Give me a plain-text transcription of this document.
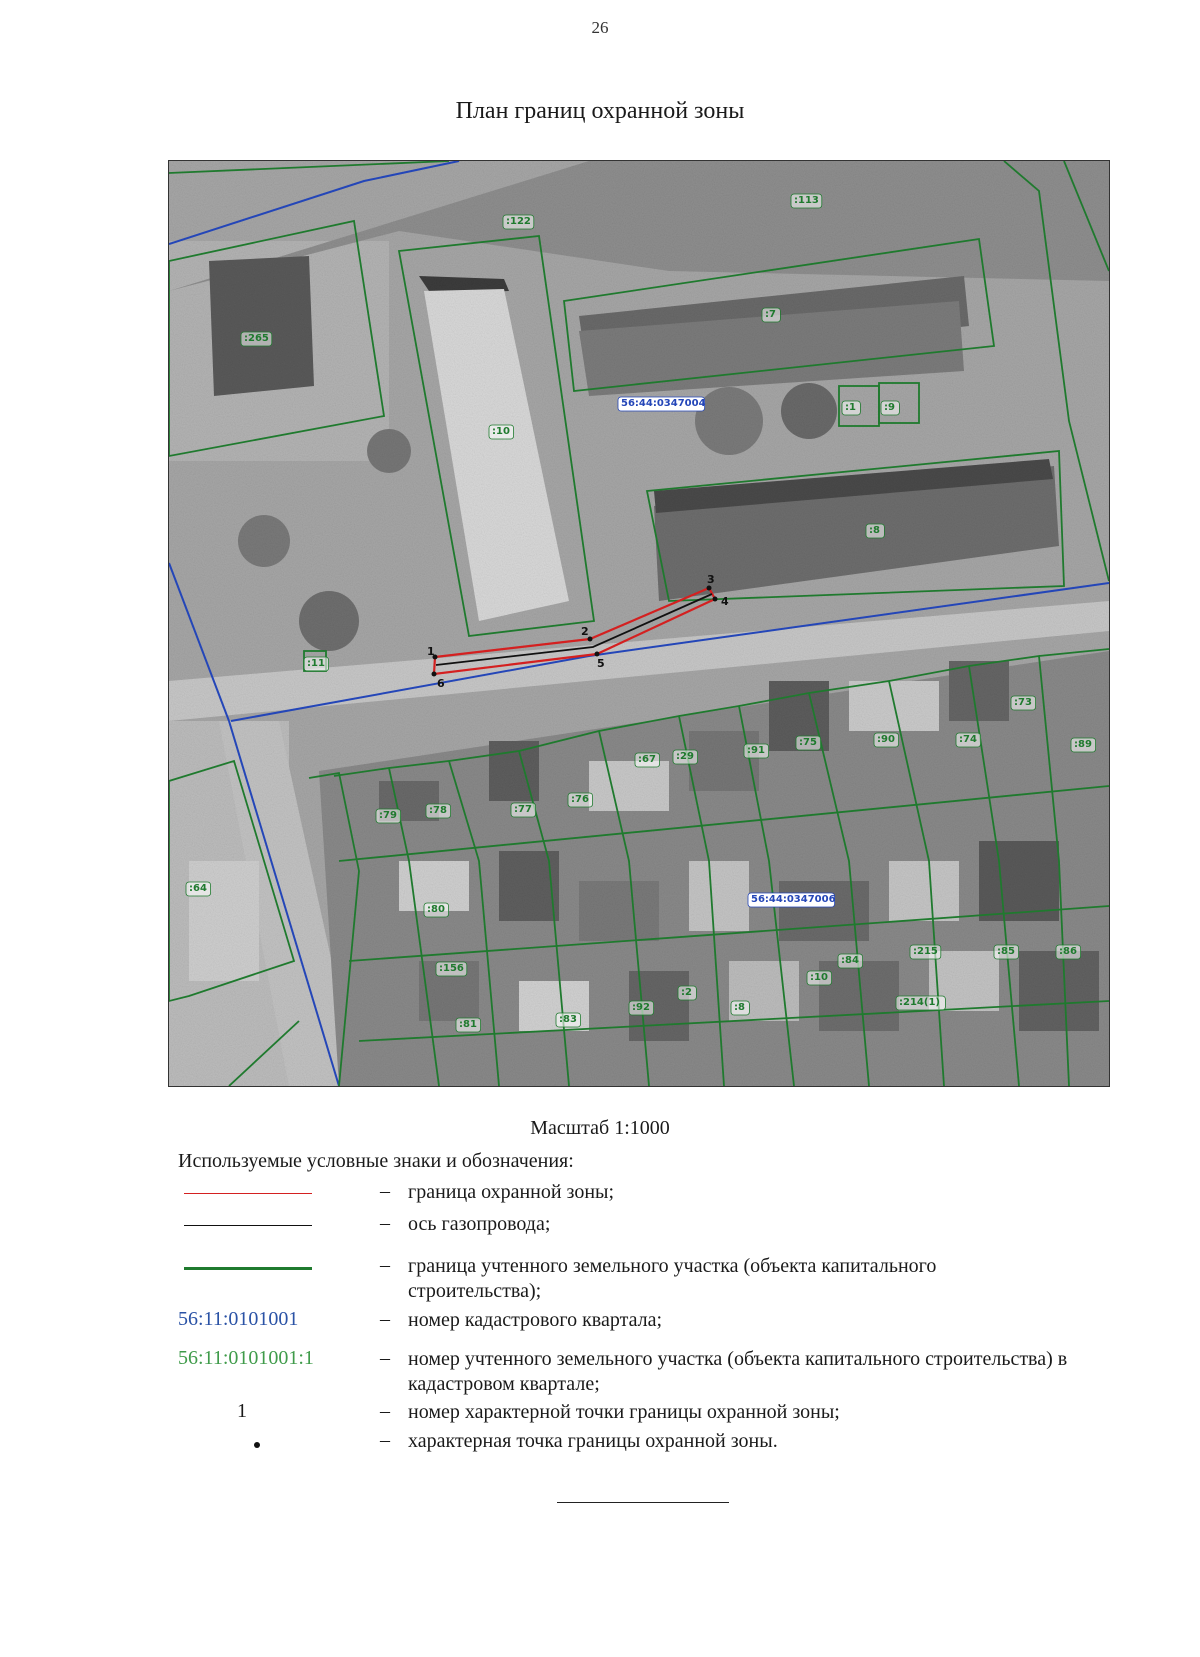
26
План границ охранной зоны
1
2
3
4
5
6
:122
:113
:265
:7
:1	:9
:10
:8
:11
:73
:89
:74
:90
:75
:91
:29
:67
:76
:77
:78
:79
:64
:80
:156
:81	:83
:92
:2
:8
:10
:84
:215
:214(1)
:85	:86
56:44:0347004
56:44:0347006
Масштаб 1:1000
Используемые условные знаки и обозначения:
– граница охранной зоны;
– ось газопровода;
– граница учтенного земельного участка (объекта капитального строительства);
56:11:0101001	– номер кадастрового квартала;
56:11:0101001:1	– номер учтенного земельного участка (объекта капитального строительства) в кадастровом квартале;
1	– номер характерной точки границы охранной зоны;
– характерная точка границы охранной зоны.
